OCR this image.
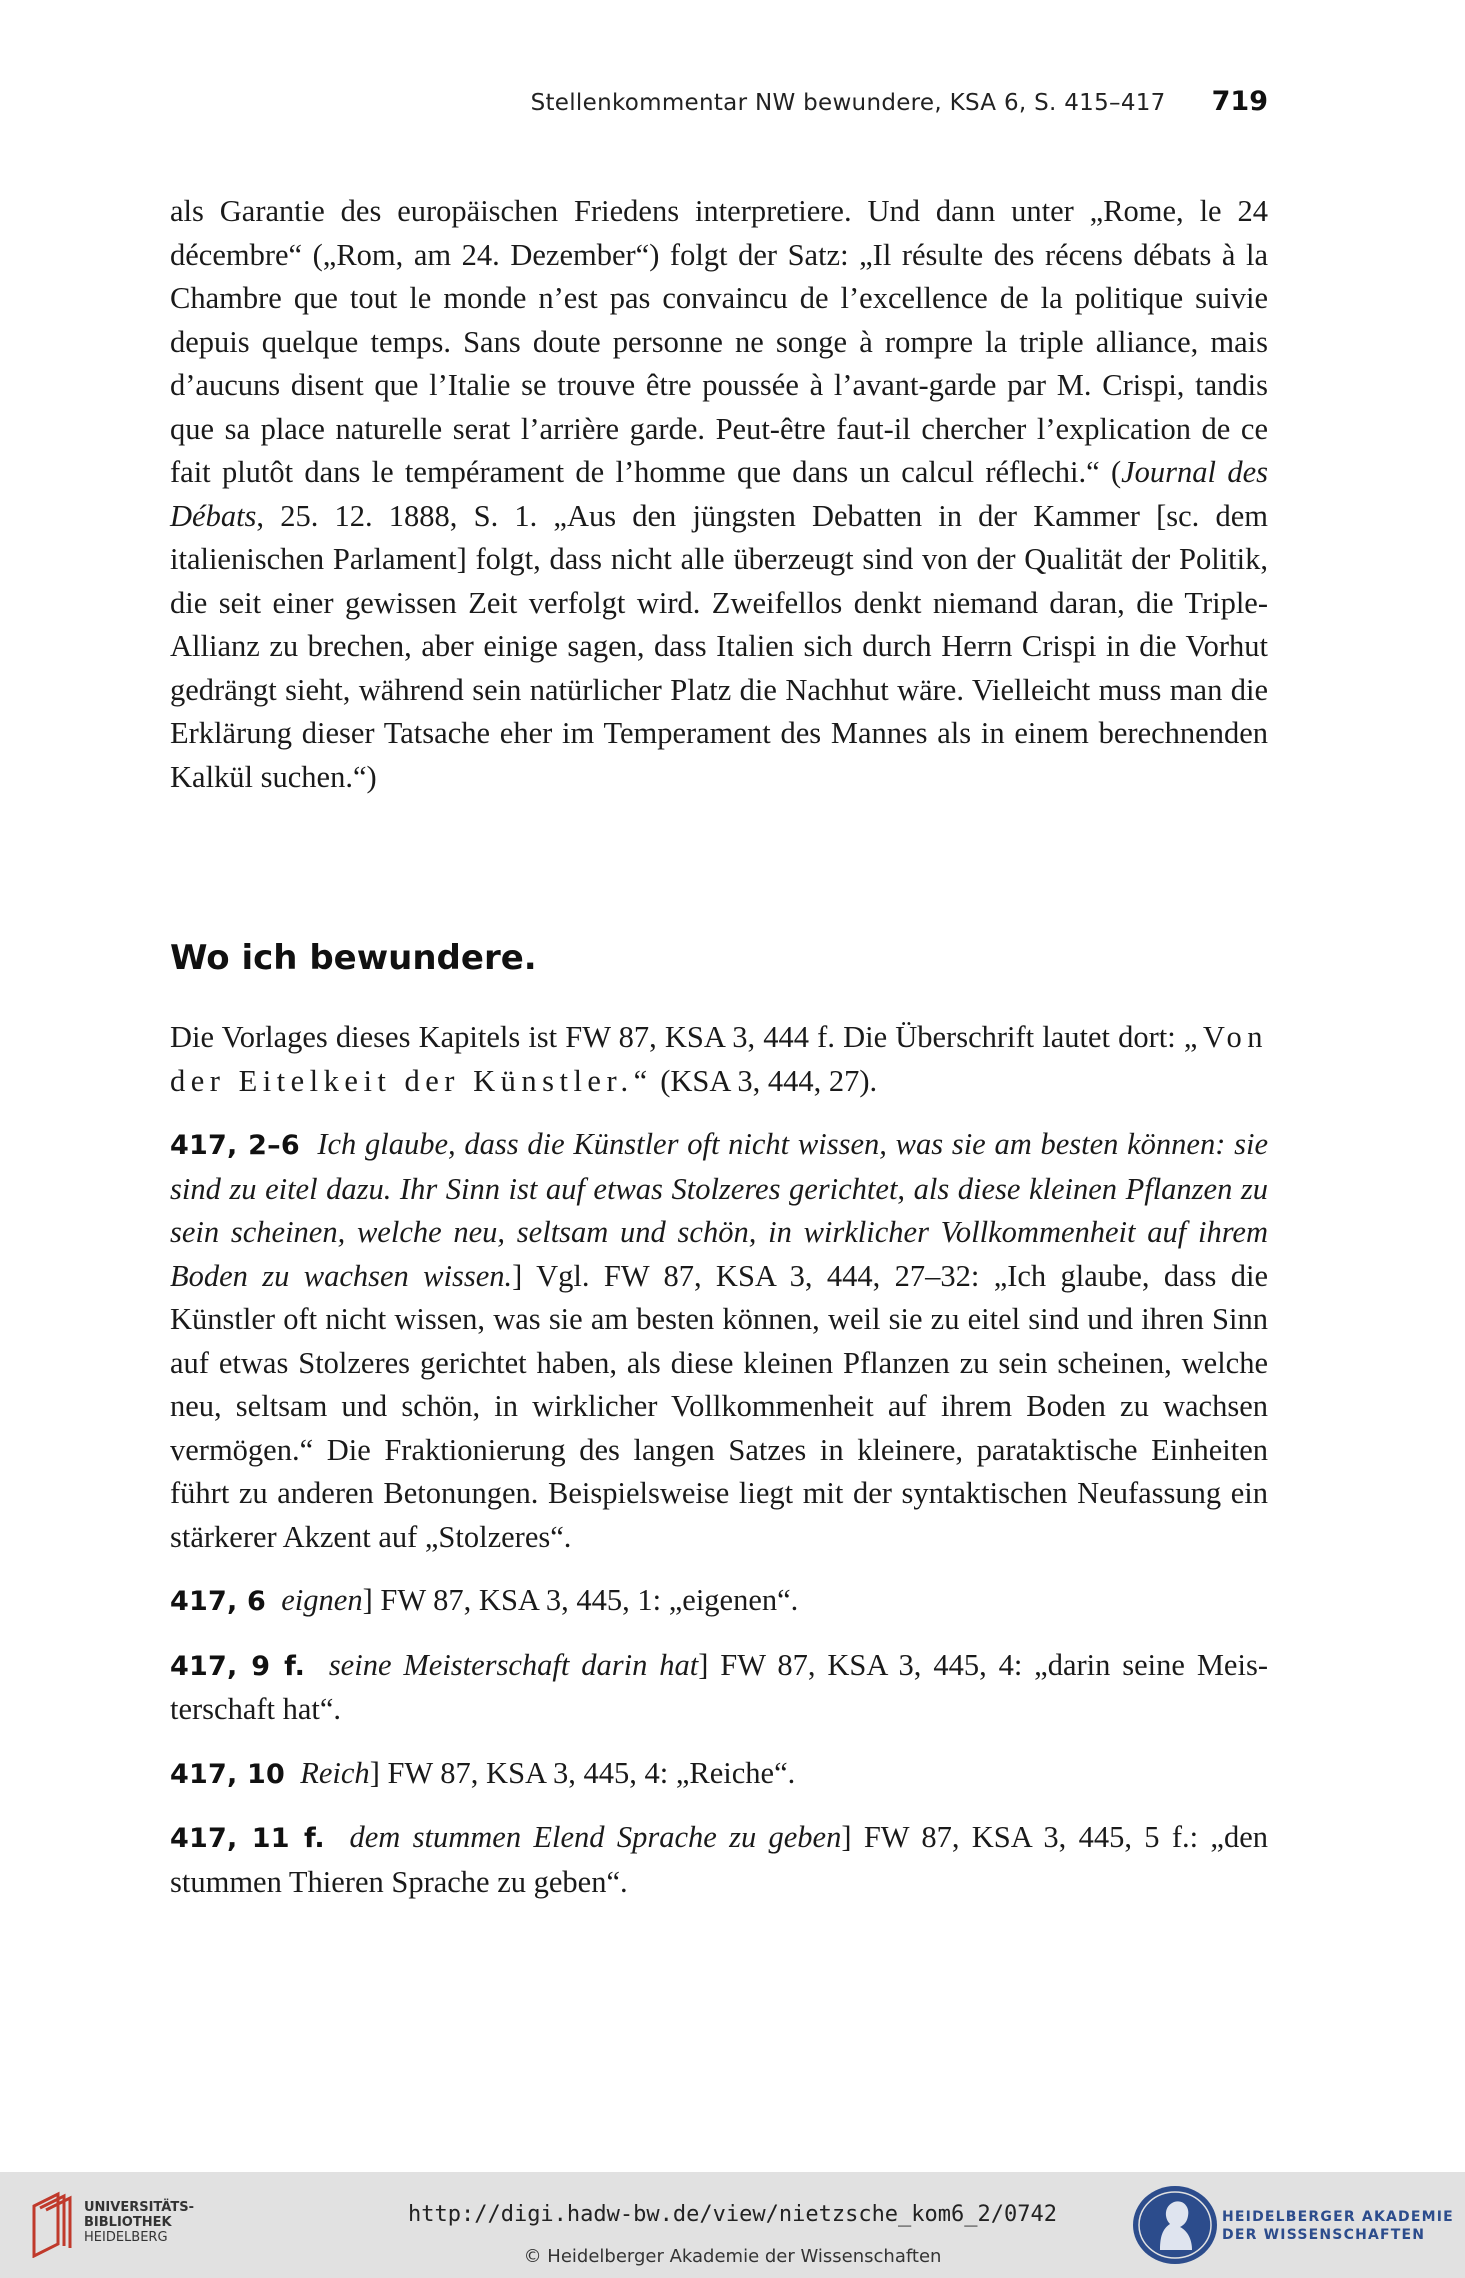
Stellenkommentar NW bewundere, KSA 6, S. 415–417 719

als Garantie des europäischen Friedens interpretiere. Und dann unter „Rome, le 24 décembre“ („Rom, am 24. Dezember“) folgt der Satz: „Il résulte des récens débats à la Chambre que tout le monde n’est pas convaincu de l’excellence de la politique suivie depuis quelque temps. Sans doute personne ne songe à rompre la triple alliance, mais d’aucuns disent que l’Italie se trouve être poussée à l’avant-garde par M. Crispi, tandis que sa place naturelle serat l’arrière garde. Peut-être faut-il chercher l’explication de ce fait plutôt dans le tempérament de l’homme que dans un calcul réflechi.“ (Journal des Débats, 25. 12. 1888, S. 1. „Aus den jüngsten Debatten in der Kammer [sc. dem italienischen Parlament] folgt, dass nicht alle überzeugt sind von der Qualität der Politik, die seit einer gewissen Zeit verfolgt wird. Zweifellos denkt niemand daran, die Triple-Allianz zu brechen, aber einige sagen, dass Italien sich durch Herrn Crispi in die Vorhut gedrängt sieht, während sein natürlicher Platz die Nachhut wäre. Vielleicht muss man die Erklärung dieser Tatsache eher im Temperament des Mannes als in einem berechnenden Kalkül suchen.“)

Wo ich bewundere.

Die Vorlages dieses Kapitels ist FW 87, KSA 3, 444 f. Die Überschrift lautet dort: „Von der Eitelkeit der Künstler.“ (KSA 3, 444, 27).

417, 2–6 Ich glaube, dass die Künstler oft nicht wissen, was sie am besten können: sie sind zu eitel dazu. Ihr Sinn ist auf etwas Stolzeres gerichtet, als diese kleinen Pflanzen zu sein scheinen, welche neu, seltsam und schön, in wirklicher Vollkommenheit auf ihrem Boden zu wachsen wissen.] Vgl. FW 87, KSA 3, 444, 27–32: „Ich glaube, dass die Künstler oft nicht wissen, was sie am besten können, weil sie zu eitel sind und ihren Sinn auf etwas Stolzeres gerichtet haben, als diese kleinen Pflanzen zu sein scheinen, welche neu, seltsam und schön, in wirklicher Vollkommenheit auf ihrem Boden zu wachsen vermögen.“ Die Fraktionierung des langen Satzes in kleinere, parataktische Einheiten führt zu anderen Betonungen. Beispielsweise liegt mit der syntaktischen Neufassung ein stärkerer Akzent auf „Stolzeres“.

417, 6 eignen] FW 87, KSA 3, 445, 1: „eigenen“.

417, 9 f. seine Meisterschaft darin hat] FW 87, KSA 3, 445, 4: „darin seine Meisterschaft hat“.

417, 10 Reich] FW 87, KSA 3, 445, 4: „Reiche“.

417, 11 f. dem stummen Elend Sprache zu geben] FW 87, KSA 3, 445, 5 f.: „den stummen Thieren Sprache zu geben“.

UNIVERSITÄTS-
BIBLIOTHEK
HEIDELBERG
http://digi.hadw-bw.de/view/nietzsche_kom6_2/0742
© Heidelberger Akademie der Wissenschaften
HEIDELBERGER AKADEMIE
DER WISSENSCHAFTEN
